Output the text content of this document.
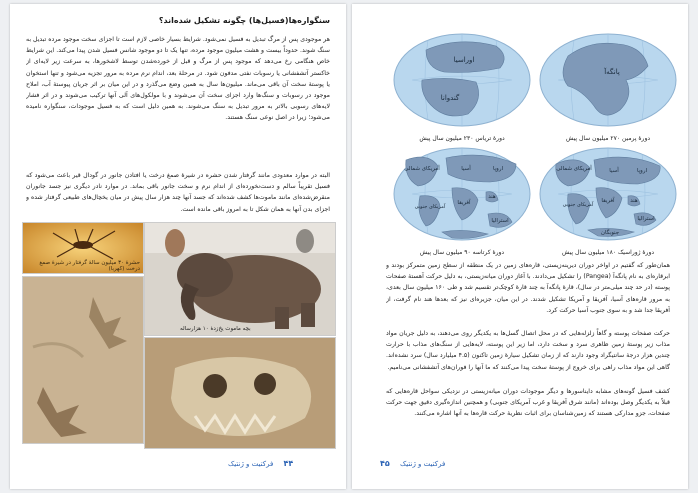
سنگواره‌ها(فسیل‌ها) چگونه تشکیل شده‌اند؟
هر موجودی پس از مرگ تبدیل به فسیل نمی‌شود. شرایط بسیار خاصی لازم است تا اجزای سخت موجود مرده تبدیل به سنگ شوند. حدوداً بیست و هشت میلیون موجود مرده، تنها یک تا دو موجود شانس فسیل شدن پیدا می‌کند. این شرایط خاص هنگامی رخ می‌دهد که موجود پس از مرگ و قبل از خورده‌شدن توسط لاشخورها، به سرعت زیر لایه‌ای از خاکستر آتشفشانی یا رسوبات نفتی مدفون شود. در مرحلهٔ بعد، اندام نرم مرده به مرور تجزیه می‌شود و تنها استخوان یا پوستهٔ سخت آن باقی می‌ماند. میلیون‌ها سال به همین وضع می‌گذرد و در این میان بر اثر جریان پیوستهٔ آب، املاح موجود در رسوبات و سنگ‌ها وارد اجزای سخت آن می‌شوند و با مولکول‌های آلی آنها ترکیب می‌شوند و در اثر فشار لایه‌های رسوبی بالاتر به مرور تبدیل به سنگ می‌شوند. به همین دلیل است که به فسیل موجودات، سنگواره نامیده می‌شود؛ زیرا در اصل نوعی سنگ هستند.
البته در موارد معدودی مانند گرفتار شدن حشره در شیرهٔ صمغ درخت یا افتادن جانور در گودال قیر باعث می‌شود که فسیل تقریباً سالم و دست‌نخورده‌ای از اندام نرم و سخت جانور باقی بماند. در موارد نادر دیگری نیز جسد جانوران منقرض‌شده‌ای مانند ماموت‌ها کشف شده‌اند که جسد آنها چند هزار سال پیش در میان یخچال‌های طبیعی گرفتار شده و اجزای بدن آنها به همان شکل تا به امروز باقی مانده است.
حشرهٔ ۳۰ میلیون سالهٔ گرفتار در شیرهٔ صمغ درخت (کهربا)
بچه ماموت یخ‌زدهٔ ۱۰ هزارساله
۴۴ فرکتیت و ژنتیک
پانگه‌آ
دورهٔ پرمین ۲۷۰ میلیون سال پیش
اوراسیا
گندوانا
دورهٔ تریاس ۲۳۰ میلیون سال پیش
آمریکای شمالی	آسیا	اروپا
آفریقا
آمریکای جنوبی
هند
استرالیا
جنوبگان
دورهٔ ژوراسیک ۱۸۰ میلیون سال پیش
آمریکای شمالی	آسیا	اروپا
آفریقا
آمریکای جنوبی
هند
استرالیا
دورهٔ کرتاسه ۹۰ میلیون سال پیش
همان‌طور که گفتیم در اواخر دوران دیرینه‌زیستی، قاره‌های زمین در یک منطقه از سطح زمین متمرکز بودند و ابرقاره‌ای به نام پانگه‌آ (Pangea) را تشکیل می‌دادند. با آغاز دوران میانه‌زیستی، به دلیل حرکت آهستهٔ صفحات پوسته (در حد چند میلی‌متر در سال)، قارهٔ پانگه‌آ به چند قارهٔ کوچک‌تر تقسیم شد و طی ۱۶۰ میلیون سال بعدی، به مرور قاره‌های آسیا، آفریقا و آمریکا تشکیل شدند. در این میان، جزیره‌ای نیز که بعدها هند نام گرفت، از آفریقا جدا شد و به سوی جنوب آسیا حرکت کرد.
حرکت صفحات پوسته و گاهاً زلزله‌هایی که در محل اتصال گسل‌ها به یکدیگر روی می‌دهند، به دلیل جریان مواد مذاب زیر پوستهٔ زمین ظاهری سرد و سخت دارد، اما زیر این پوسته، لایه‌هایی از سنگ‌های مذاب با حرارت چندین هزار درجهٔ سانتیگراد وجود دارند که از زمان تشکیل سیارهٔ زمین تاکنون (۴.۵ میلیارد سال) سرد نشده‌اند. گاهی این مواد مذاب راهی برای خروج از پوستهٔ سخت پیدا می‌کنند که ما آنها را فوران‌های آتشفشانی می‌نامیم.
کشف فسیل گونه‌های مشابه دایناسورها و دیگر موجودات دوران میانه‌زیستی در نزدیکی سواحل قاره‌هایی که قبلاً به یکدیگر وصل بوده‌اند (مانند شرق آفریقا و غرب آمریکای جنوبی) و همچنین اندازه‌گیری دقیق جهت حرکت صفحات، جزو مدارکی هستند که زمین‌شناسان برای اثبات نظریهٔ حرکت قاره‌ها به آنها اشاره می‌کنند.
فرکتیت و ژنتیک ۴۵
